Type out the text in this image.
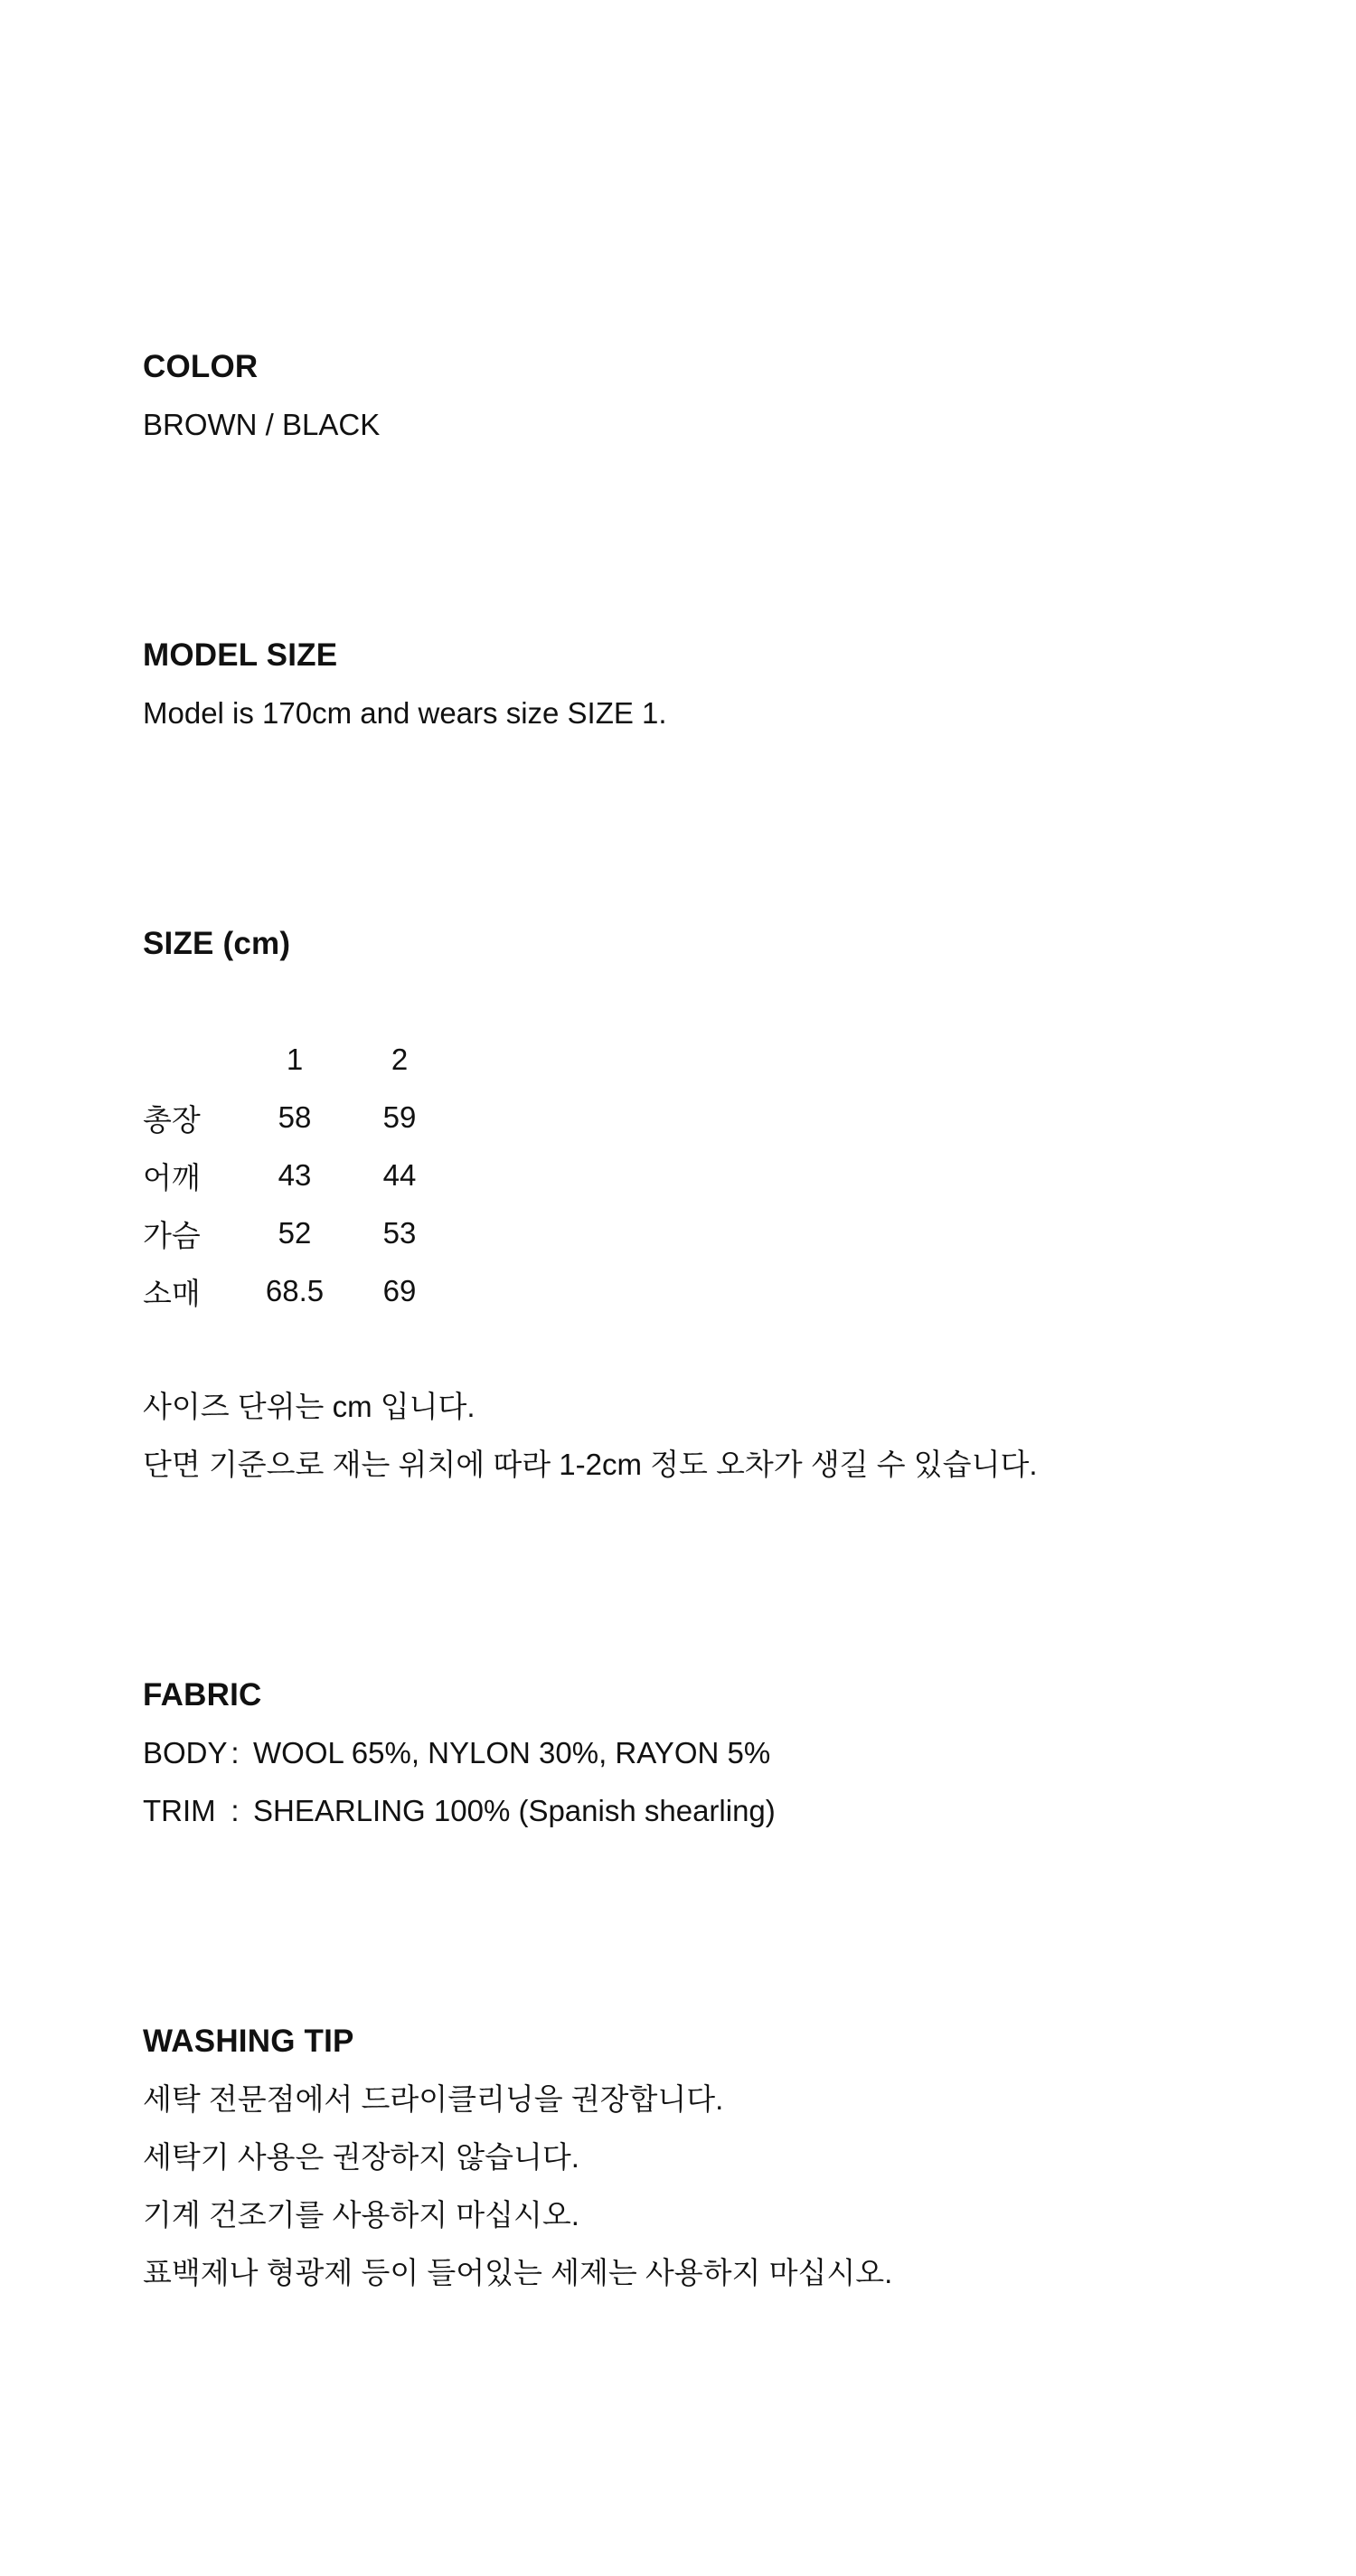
COLOR
BROWN / BLACK
MODEL SIZE
Model is 170cm and wears size SIZE 1.
SIZE (cm)
	1	2
총장	58	59
어깨	43	44
가슴	52	53
소매	68.5	69
사이즈 단위는 cm 입니다.
단면 기준으로 재는 위치에 따라 1-2cm 정도 오차가 생길 수 있습니다.
FABRIC
BODY : WOOL 65%, NYLON 30%, RAYON 5%
TRIM : SHEARLING 100% (Spanish shearling)
WASHING TIP
세탁 전문점에서 드라이클리닝을 권장합니다.
세탁기 사용은 권장하지 않습니다.
기계 건조기를 사용하지 마십시오.
표백제나 형광제 등이 들어있는 세제는 사용하지 마십시오.
